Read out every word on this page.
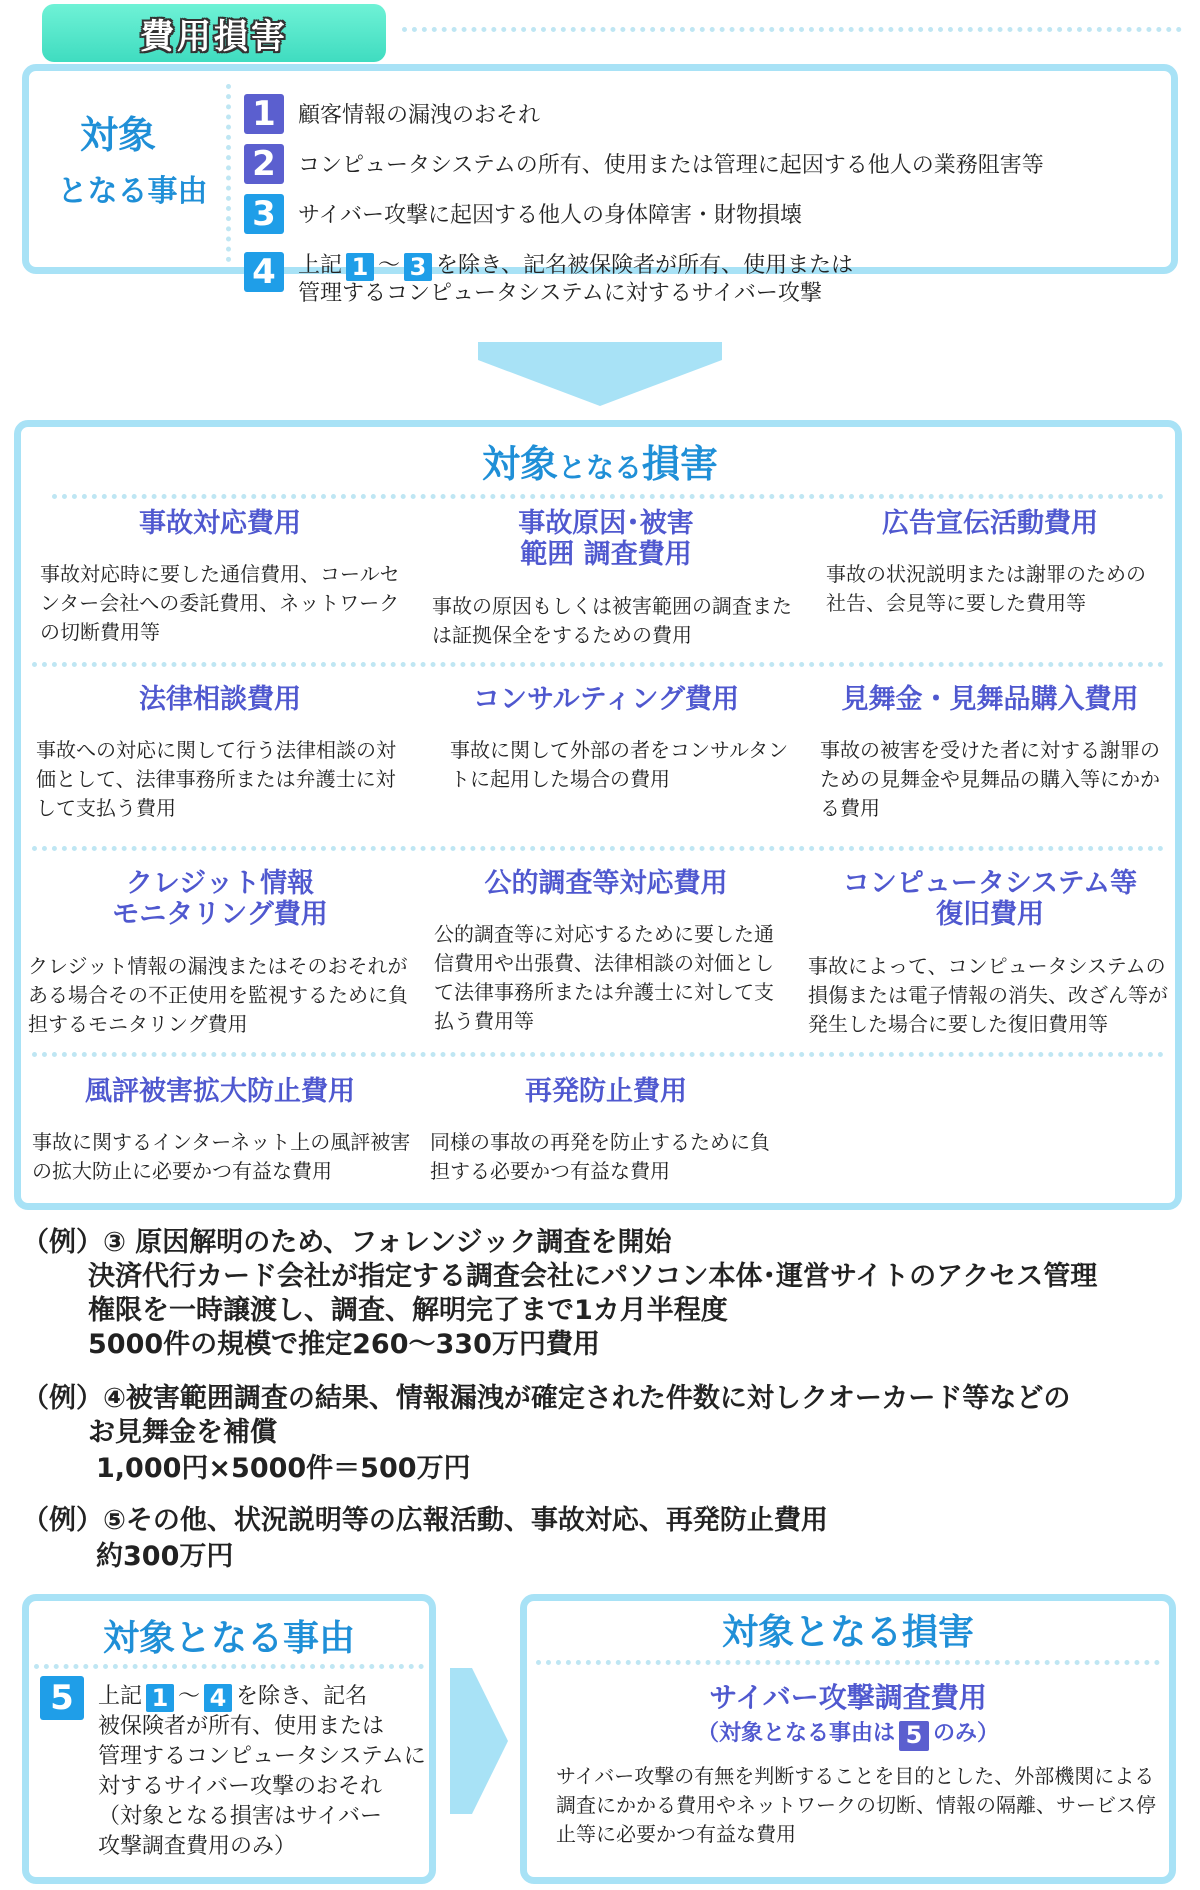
費用損害
対象
となる事由
1	顧客情報の漏洩のおそれ
2	コンピュータシステムの所有、使用または管理に起因する他人の業務阻害等
3	サイバー攻撃に起因する他人の身体障害・財物損壊
4	上記 1 ～ 3 を除き、記名被保険者が所有、使用または
管理するコンピュータシステムに対するサイバー攻撃
対象となる損害
事故対応費用
事故対応時に要した通信費用、コールセンター会社への委託費用、ネットワークの切断費用等
事故原因･被害
範囲 調査費用
事故の原因もしくは被害範囲の調査または証拠保全をするための費用
広告宣伝活動費用
事故の状況説明または謝罪のための社告、会見等に要した費用等
法律相談費用
事故への対応に関して行う法律相談の対価として、法律事務所または弁護士に対して支払う費用
コンサルティング費用
事故に関して外部の者をコンサルタントに起用した場合の費用
見舞金・見舞品購入費用
事故の被害を受けた者に対する謝罪のための見舞金や見舞品の購入等にかかる費用
クレジット情報
モニタリング費用
クレジット情報の漏洩またはそのおそれがある場合その不正使用を監視するために負担するモニタリング費用
公的調査等対応費用
公的調査等に対応するために要した通信費用や出張費、法律相談の対価として法律事務所または弁護士に対して支払う費用等
コンピュータシステム等
復旧費用
事故によって、コンピュータシステムの損傷または電子情報の消失、改ざん等が発生した場合に要した復旧費用等
風評被害拡大防止費用
事故に関するインターネット上の風評被害の拡大防止に必要かつ有益な費用
再発防止費用
同様の事故の再発を防止するために負担する必要かつ有益な費用
（例）③ 原因解明のため、フォレンジック調査を開始
決済代行カード会社が指定する調査会社にパソコン本体･運営サイトのアクセス管理
権限を一時譲渡し、調査、解明完了まで1カ月半程度
5000件の規模で推定260～330万円費用
（例）④被害範囲調査の結果、情報漏洩が確定された件数に対しクオーカード等などの
お見舞金を補償
1,000円×5000件＝500万円
（例）⑤その他、状況説明等の広報活動、事故対応、再発防止費用
約300万円
対象となる事由
5	上記 1 ～ 4 を除き、記名
被保険者が所有、使用または
管理するコンピュータシステムに
対するサイバー攻撃のおそれ
（対象となる損害はサイバー
攻撃調査費用のみ）
対象となる損害
サイバー攻撃調査費用
（対象となる事由は 5 のみ）
サイバー攻撃の有無を判断することを目的とした、外部機関による調査にかかる費用やネットワークの切断、情報の隔離、サービス停止等に必要かつ有益な費用
